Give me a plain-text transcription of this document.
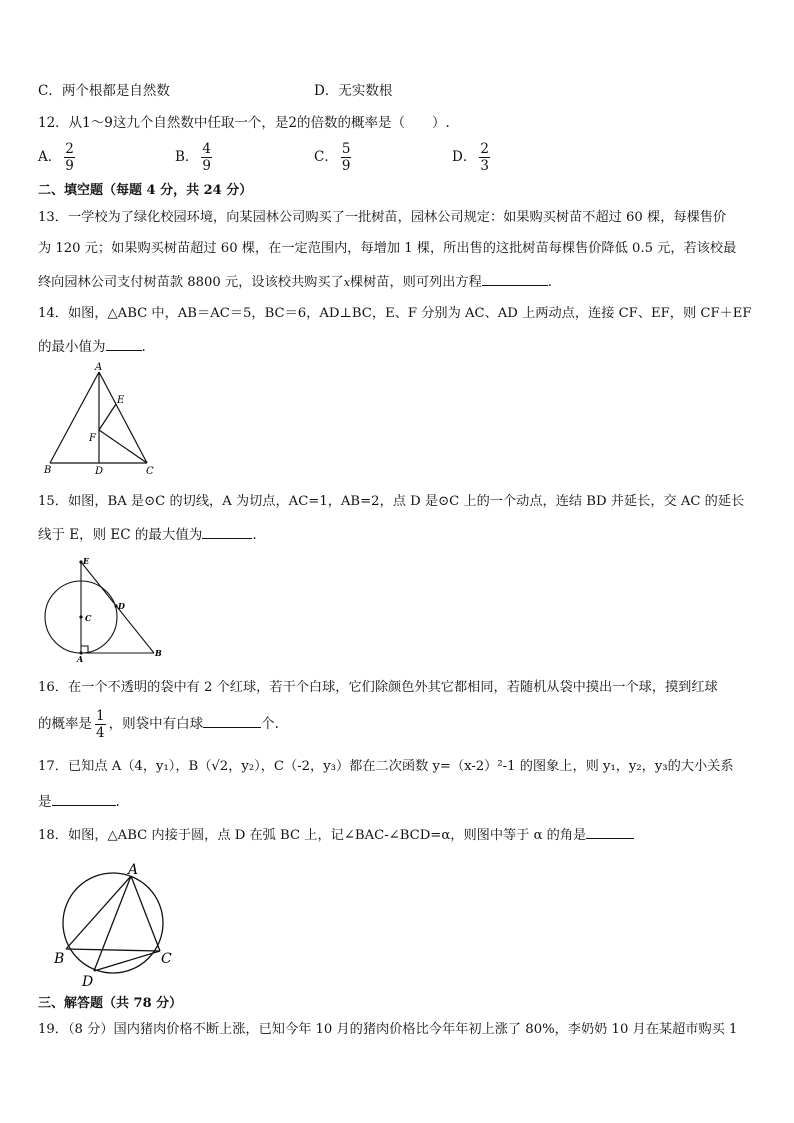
C．两个根都是自然数	D．无实数根
12．从1～9这九个自然数中任取一个，是2的倍数的概率是（　　）.
A． $\frac{2}{9}$	B． $\frac{4}{9}$	C． $\frac{5}{9}$	D． $\frac{2}{3}$
二、填空题（每题 4 分，共 24 分）
13．一学校为了绿化校园环境，向某园林公司购买了一批树苗，园林公司规定：如果购买树苗不超过 60 棵，每棵售价
为 120 元；如果购买树苗超过 60 棵，在一定范围内，每增加 1 棵，所出售的这批树苗每棵售价降低 0.5 元，若该校最
终向园林公司支付树苗款 8800 元，设该校共购买了x棵树苗，则可列出方程	.
14．如图，△ABC 中，AB＝AC＝5，BC＝6，AD⊥BC，E、F 分别为 AC、AD 上两动点，连接 CF、EF，则 CF＋EF
的最小值为	.
A
B	C
D
E
F
15．如图，BA 是⊙C 的切线，A 为切点，AC=1，AB=2，点 D 是⊙C 上的一个动点，连结 BD 并延长，交 AC 的延长
线于 E，则 EC 的最大值为	.
E
C
D
A
B
16．在一个不透明的袋中有 2 个红球，若干个白球，它们除颜色外其它都相同，若随机从袋中摸出一个球，摸到红球
的概率是 $\frac{1}{4}$ ，则袋中有白球	个.
17．已知点 A（4，y₁），B（√2，y₂），C（-2，y₃）都在二次函数 y=（x-2）²-1 的图象上，则 y₁，y₂，y₃的大小关系
是	.
18．如图，△ABC 内接于圆，点 D 在弧 BC 上，记∠BAC-∠BCD=α，则图中等于 α 的角是
A
B	C
D
三、解答题（共 78 分）
19．（8 分）国内猪肉价格不断上涨，已知今年 10 月的猪肉价格比今年年初上涨了 80%，李奶奶 10 月在某超市购买 1
